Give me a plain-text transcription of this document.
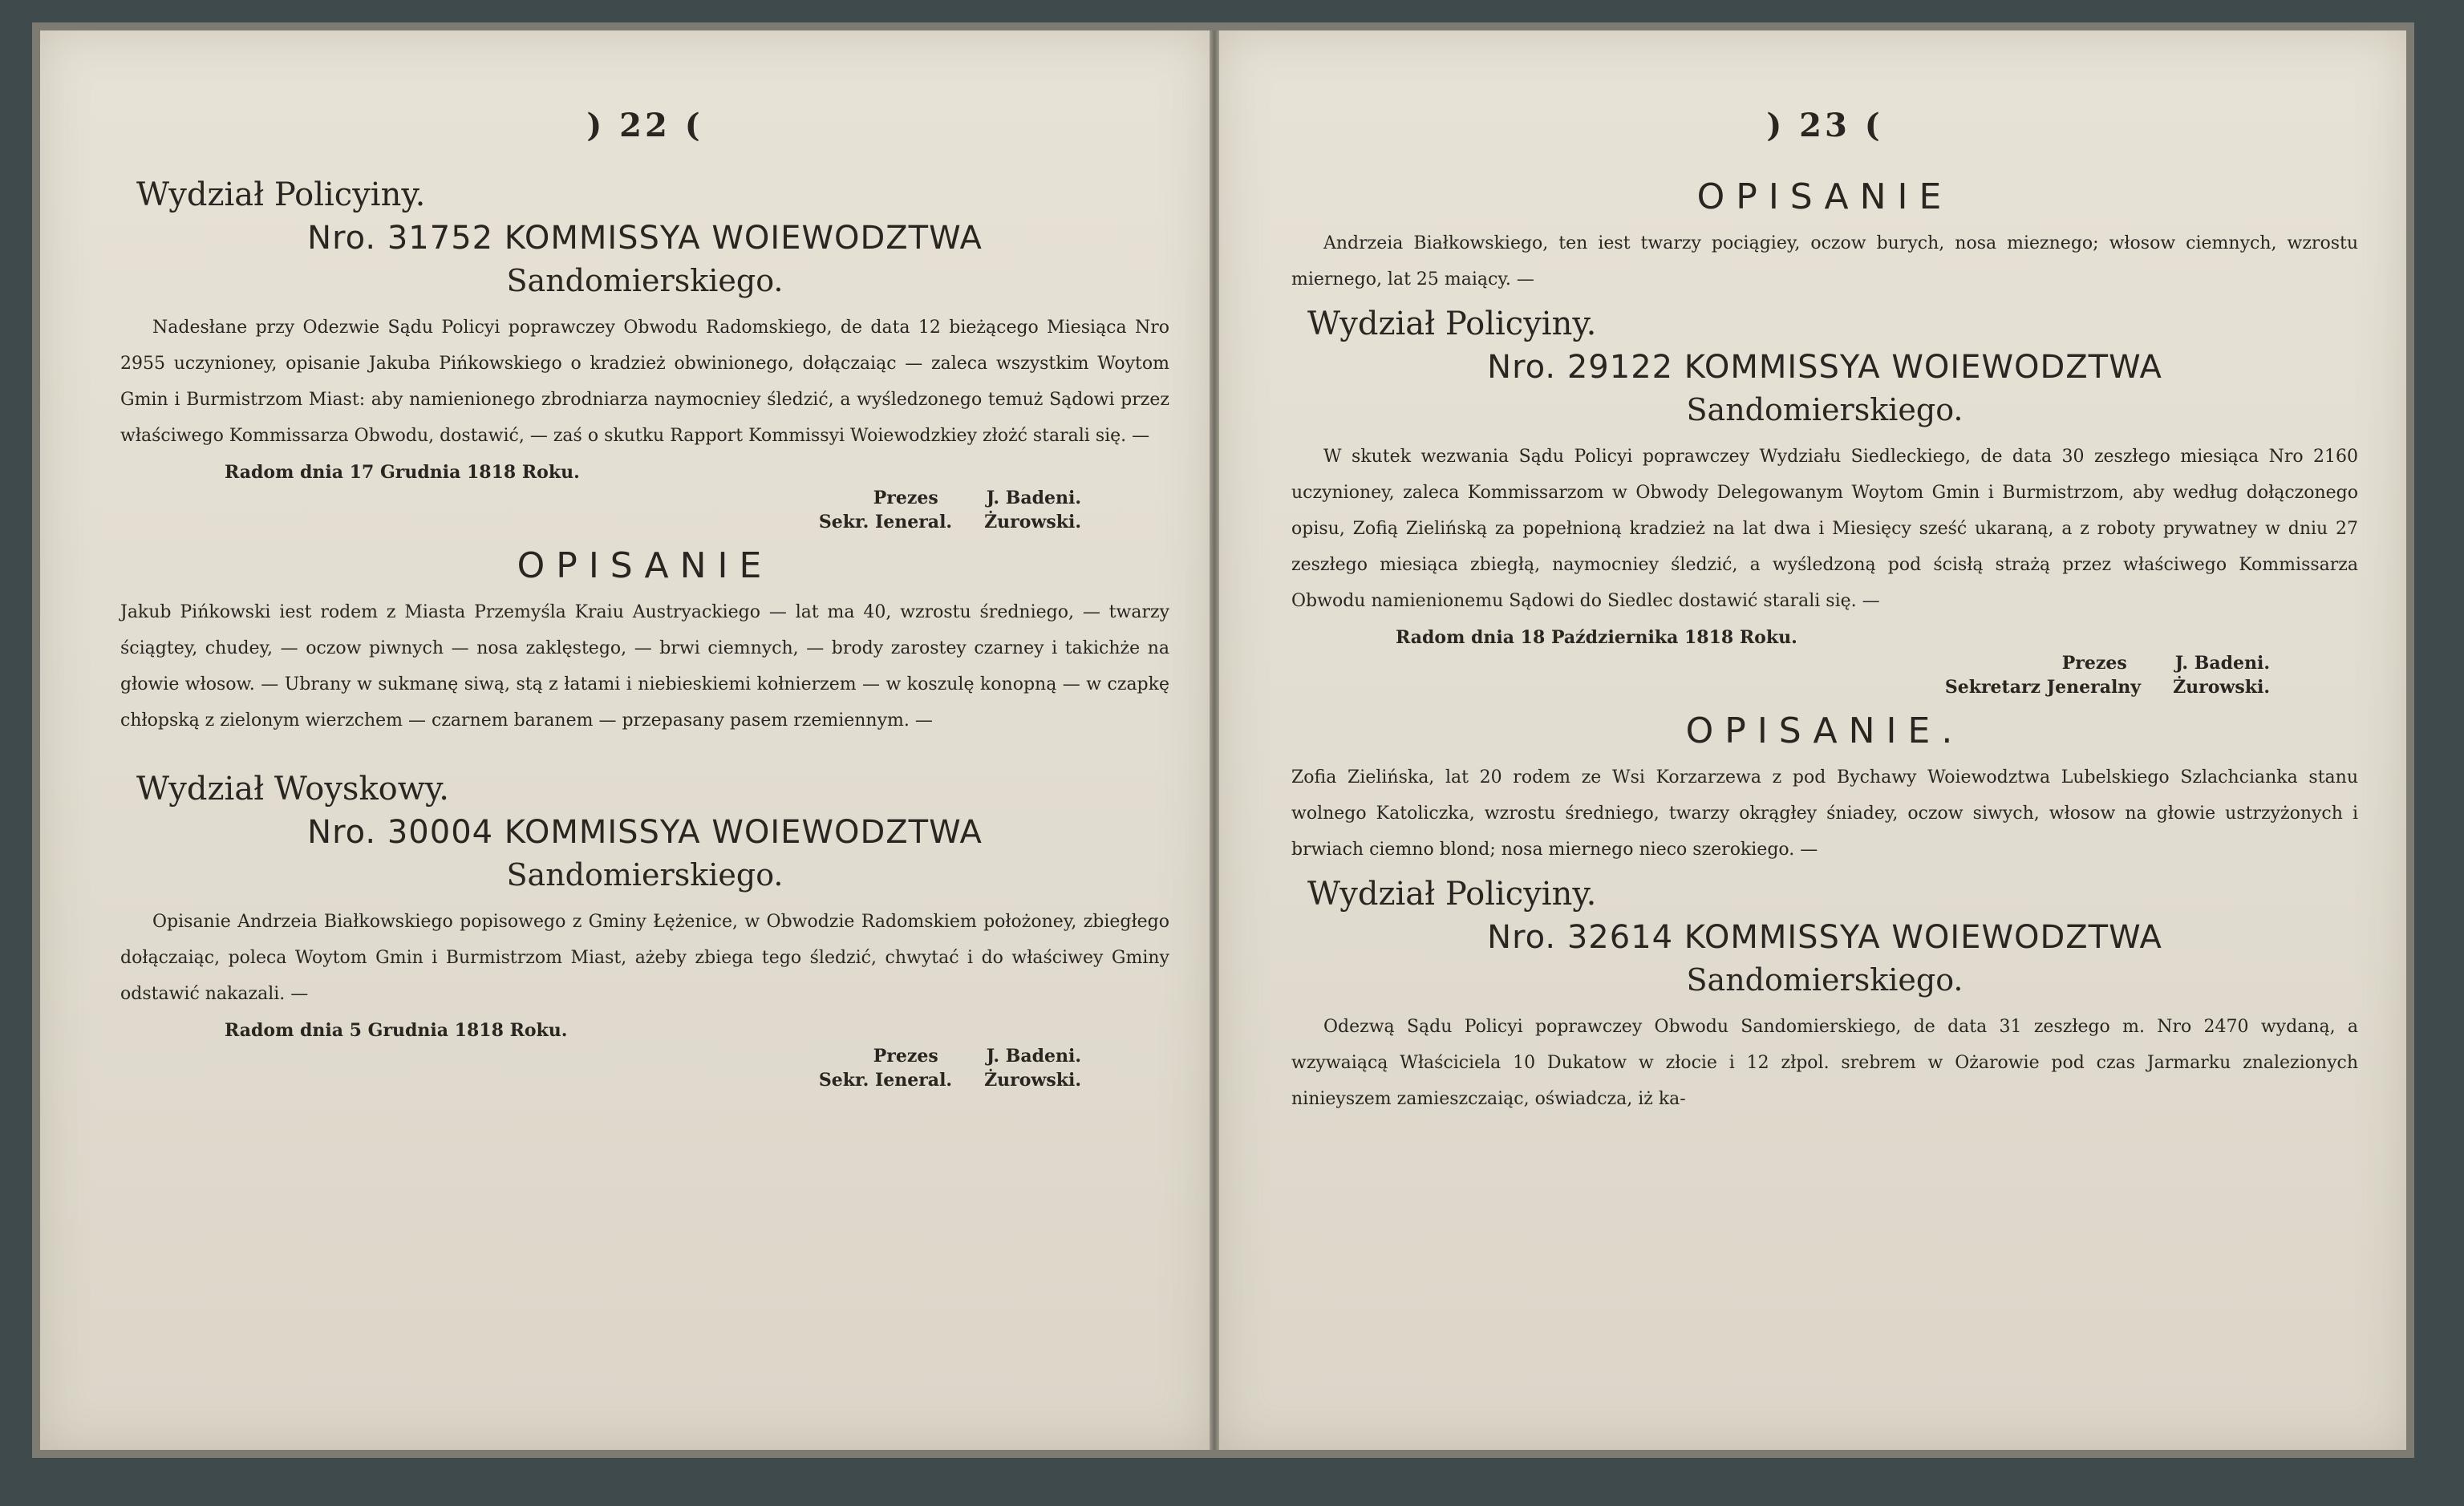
) 22 (
Wydział Policyiny.
Nro. 31752 KOMMISSYA WOIEWODZTWA
Sandomierskiego.

Nadesłane przy Odezwie Sądu Policyi poprawczey Obwodu Radomskiego, de data 12 bieżącego Miesiąca Nro 2955 uczynioney, opisanie Jakuba Pińkowskiego o kradzież obwinionego, dołączaiąc — zaleca wszystkim Woytom Gmin i Burmistrzom Miast: aby namienionego zbrodniarza naymocniey śledzić, a wyśledzonego temuż Sądowi przez właściwego Kommissarza Obwodu, dostawić, — zaś o skutku Rapport Kommissyi Woiewodzkiey złożć starali się. —

Radom dnia 17 Grudnia 1818 Roku.
Prezes	J. Badeni.
Sekr. Ieneral. Żurowski.
OPISANIE

Jakub Pińkowski iest rodem z Miasta Przemyśla Kraiu Austryackiego — lat ma 40, wzrostu średniego, — twarzy ściągtey, chudey, — oczow piwnych — nosa zaklęstego, — brwi ciemnych, — brody zarostey czarney i takichże na głowie włosow. — Ubrany w sukmanę siwą, stą z łatami i niebieskiemi kołnierzem — w koszulę konopną — w czapkę chłopską z zielonym wierzchem — czarnem baranem — przepasany pasem rzemiennym. —

Wydział Woyskowy.
Nro. 30004 KOMMISSYA WOIEWODZTWA
Sandomierskiego.

Opisanie Andrzeia Białkowskiego popisowego z Gminy Łężenice, w Obwodzie Radomskiem położoney, zbiegłego dołączaiąc, poleca Woytom Gmin i Burmistrzom Miast, ażeby zbiega tego śledzić, chwytać i do właściwey Gminy odstawić nakazali. —

Radom dnia 5 Grudnia 1818 Roku.
Prezes	J. Badeni.
Sekr. Ieneral. Żurowski.
) 23 (
OPISANIE

Andrzeia Białkowskiego, ten iest twarzy pociągiey, oczow burych, nosa mieznego; włosow ciemnych, wzrostu miernego, lat 25 maiący. —

Wydział Policyiny.
Nro. 29122 KOMMISSYA WOIEWODZTWA
Sandomierskiego.

W skutek wezwania Sądu Policyi poprawczey Wydziału Siedleckiego, de data 30 zeszłego miesiąca Nro 2160 uczynioney, zaleca Kommissarzom w Obwody Delegowanym Woytom Gmin i Burmistrzom, aby według dołączonego opisu, Zofią Zielińską za popełnioną kradzież na lat dwa i Miesięcy sześć ukaraną, a z roboty prywatney w dniu 27 zeszłego miesiąca zbiegłą, naymocniey śledzić, a wyśledzoną pod ścisłą strażą przez właściwego Kommissarza Obwodu namienionemu Sądowi do Siedlec dostawić starali się. —

Radom dnia 18 Października 1818 Roku.
Prezes	J. Badeni.
Sekretarz Jeneralny Żurowski.
OPISANIE.

Zofia Zielińska, lat 20 rodem ze Wsi Korzarzewa z pod Bychawy Woiewodztwa Lubelskiego Szlachcianka stanu wolnego Katoliczka, wzrostu średniego, twarzy okrągłey śniadey, oczow siwych, włosow na głowie ustrzyżonych i brwiach ciemno blond; nosa miernego nieco szerokiego. —

Wydział Policyiny.
Nro. 32614 KOMMISSYA WOIEWODZTWA
Sandomierskiego.

Odezwą Sądu Policyi poprawczey Obwodu Sandomierskiego, de data 31 zeszłego m. Nro 2470 wydaną, a wzywaiącą Właściciela 10 Dukatow w złocie i 12 złpol. srebrem w Ożarowie pod czas Jarmarku znalezionych ninieyszem zamieszczaiąc, oświadcza, iż ka-
